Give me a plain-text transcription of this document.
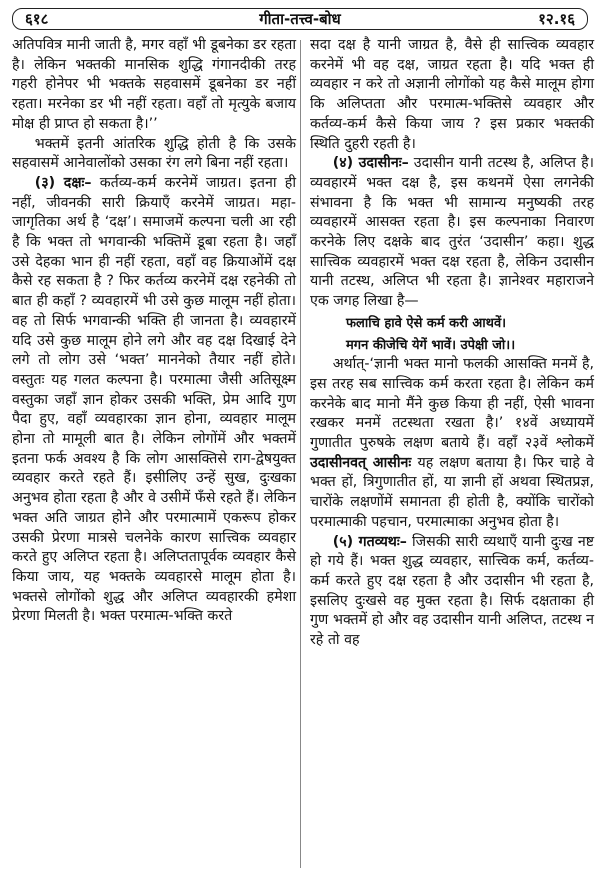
६१८	गीता-तत्त्व-बोध	१२.१६

अतिपवित्र मानी जाती है, मगर वहाँ भी डूबनेका डर रहता है। लेकिन भक्तकी मानसिक शुद्धि गंगानदीकी तरह गहरी होनेपर भी भक्तके सहवासमें डूबनेका डर नहीं रहता। मरनेका डर भी नहीं रहता। वहाँ तो मृत्युके बजाय मोक्ष ही प्राप्त हो सकता है।’’

भक्तमें इतनी आंतरिक शुद्धि होती है कि उसके सहवासमें आनेवालोंको उसका रंग लगे बिना नहीं रहता।

(३) दक्षः– कर्तव्य-कर्म करनेमें जाग्रत। इतना ही नहीं, जीवनकी सारी क्रियाएँ करनेमें जाग्रत। महा-जागृतिका अर्थ है ‘दक्ष’। समाजमें कल्पना चली आ रही है कि भक्त तो भगवान्की भक्तिमें डूबा रहता है। जहाँ उसे देहका भान ही नहीं रहता, वहाँ वह क्रियाओंमें दक्ष कैसे रह सकता है ? फिर कर्तव्य करनेमें दक्ष रहनेकी तो बात ही कहाँ ? व्यवहारमें भी उसे कुछ मालूम नहीं होता। वह तो सिर्फ भगवान्की भक्ति ही जानता है। व्यवहारमें यदि उसे कुछ मालूम होने लगे और वह दक्ष दिखाई देने लगे तो लोग उसे ‘भक्त’ माननेको तैयार नहीं होते। वस्तुतः यह गलत कल्पना है। परमात्मा जैसी अतिसूक्ष्म वस्तुका जहाँ ज्ञान होकर उसकी भक्ति, प्रेम आदि गुण पैदा हुए, वहाँ व्यवहारका ज्ञान होना, व्यवहार मालूम होना तो मामूली बात है। लेकिन लोगोंमें और भक्तमें इतना फर्क अवश्य है कि लोग आसक्तिसे राग-द्वेषयुक्त व्यवहार करते रहते हैं। इसीलिए उन्हें सुख, दुःखका अनुभव होता रहता है और वे उसीमें फँसे रहते हैं। लेकिन भक्त अति जाग्रत होने और परमात्मामें एकरूप होकर उसकी प्रेरणा मात्रसे चलनेके कारण सात्त्विक व्यवहार करते हुए अलिप्त रहता है। अलिप्ततापूर्वक व्यवहार कैसे किया जाय, यह भक्तके व्यवहारसे मालूम होता है। भक्तसे लोगोंको शुद्ध और अलिप्त व्यवहारकी हमेशा प्रेरणा मिलती है। भक्त परमात्म-भक्ति करते

सदा दक्ष है यानी जाग्रत है, वैसे ही सात्त्विक व्यवहार करनेमें भी वह दक्ष, जाग्रत रहता है। यदि भक्त ही व्यवहार न करे तो अज्ञानी लोगोंको यह कैसे मालूम होगा कि अलिप्तता और परमात्म-भक्तिसे व्यवहार और कर्तव्य-कर्म कैसे किया जाय ? इस प्रकार भक्तकी स्थिति दुहरी रहती है।

(४) उदासीनः– उदासीन यानी तटस्थ है, अलिप्त है। व्यवहारमें भक्त दक्ष है, इस कथनमें ऐसा लगनेकी संभावना है कि भक्त भी सामान्य मनुष्यकी तरह व्यवहारमें आसक्त रहता है। इस कल्पनाका निवारण करनेके लिए दक्षके बाद तुरंत ‘उदासीन’ कहा। शुद्ध सात्त्विक व्यवहारमें भक्त दक्ष रहता है, लेकिन उदासीन यानी तटस्थ, अलिप्त भी रहता है। ज्ञानेश्वर महाराजने एक जगह लिखा है—

फलाचि हावे ऐसे कर्म करी आथवें।

मगन कीजेचि येगें भावें। उपेक्षी जो।।

अर्थात्-‘ज्ञानी भक्त मानो फलकी आसक्ति मनमें है, इस तरह सब सात्त्विक कर्म करता रहता है। लेकिन कर्म करनेके बाद मानो मैंने कुछ किया ही नहीं, ऐसी भावना रखकर मनमें तटस्थता रखता है।’ १४वें अध्यायमें गुणातीत पुरुषके लक्षण बताये हैं। वहाँ २३वें श्लोकमें उदासीनवत् आसीनः यह लक्षण बताया है। फिर चाहे वे भक्त हों, त्रिगुणातीत हों, या ज्ञानी हों अथवा स्थितप्रज्ञ, चारोंके लक्षणोंमें समानता ही होती है, क्योंकि चारोंको परमात्माकी पहचान, परमात्माका अनुभव होता है।

(५) गतव्यथः– जिसकी सारी व्यथाएँ यानी दुःख नष्ट हो गये हैं। भक्त शुद्ध व्यवहार, सात्त्विक कर्म, कर्तव्य-कर्म करते हुए दक्ष रहता है और उदासीन भी रहता है, इसलिए दुःखसे वह मुक्त रहता है। सिर्फ दक्षताका ही गुण भक्तमें हो और वह उदासीन यानी अलिप्त, तटस्थ न रहे तो वह
